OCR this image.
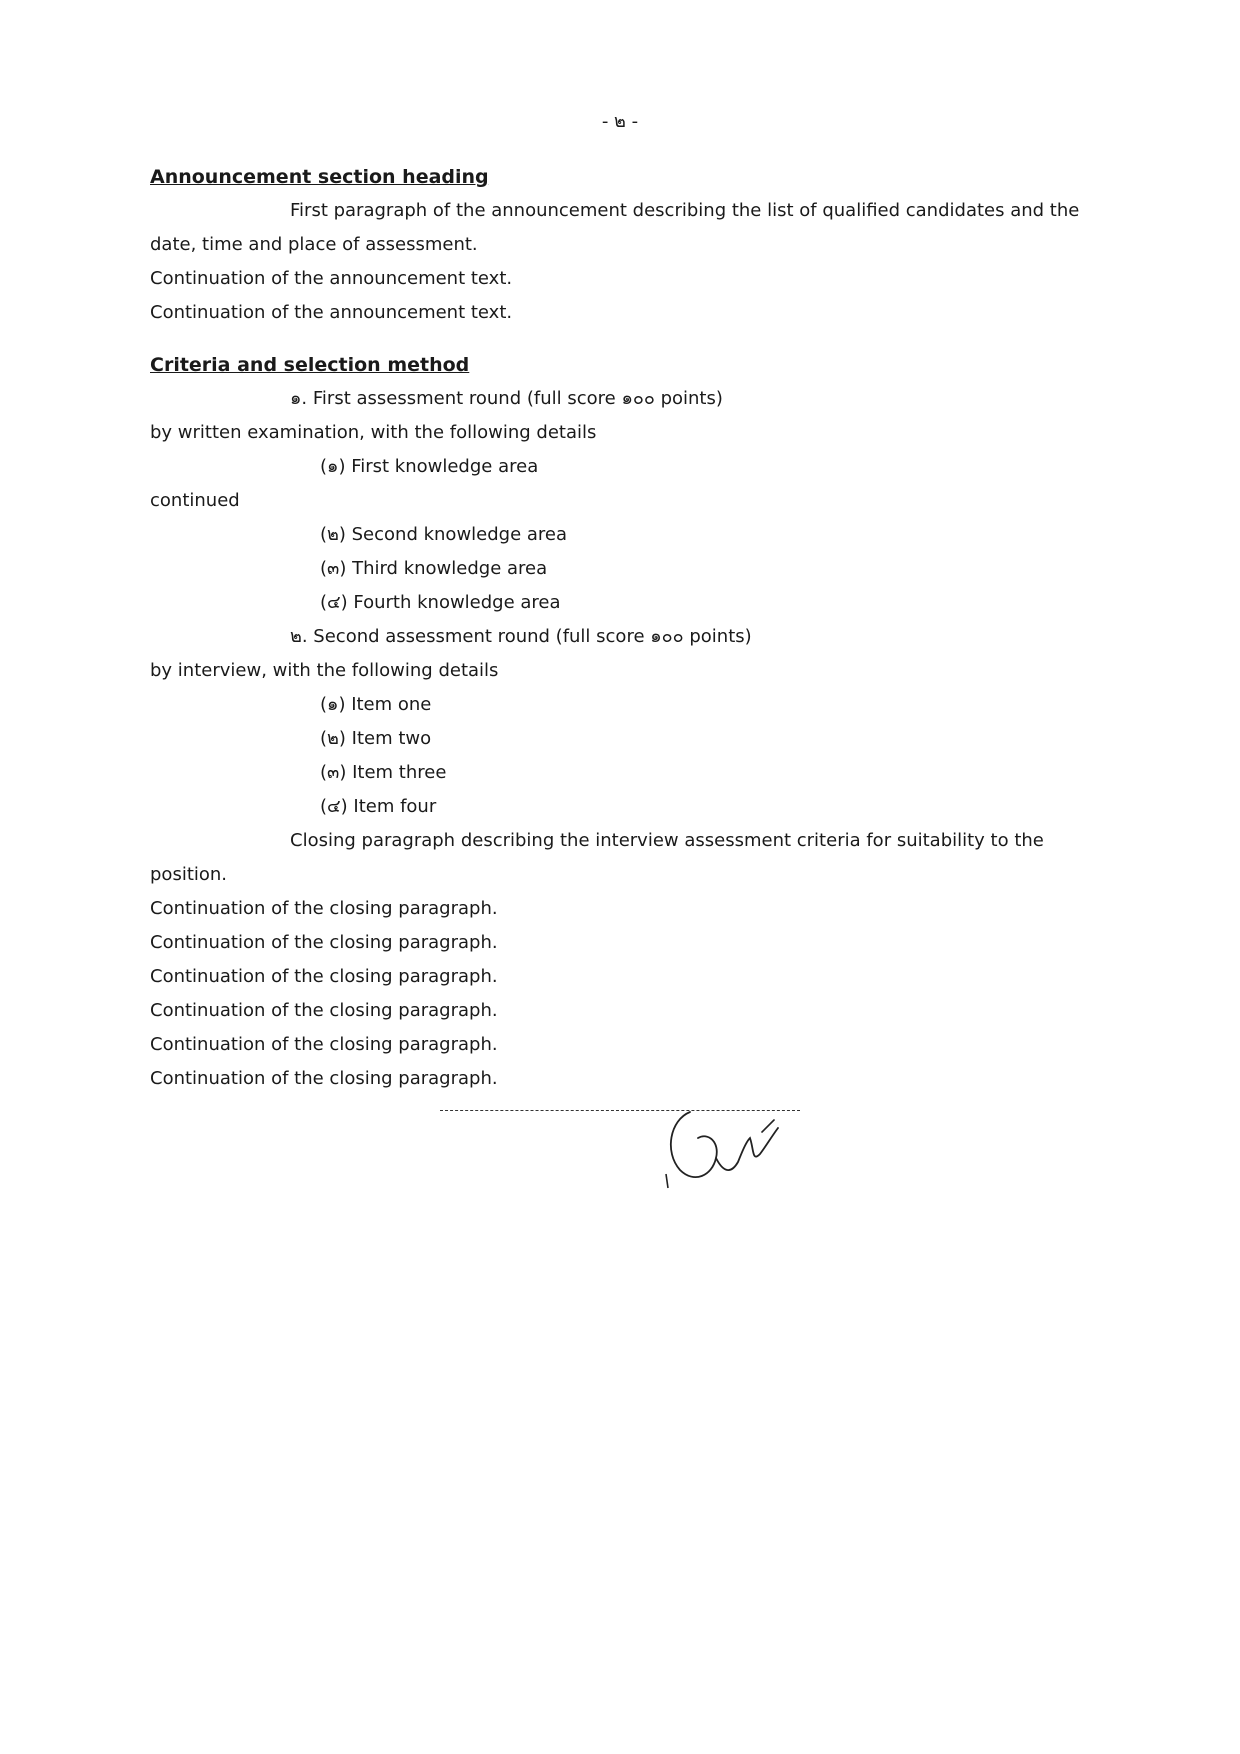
- ๒ -
Announcement section heading

First paragraph of the announcement describing the list of qualified candidates and the date, time and place of assessment.

Continuation of the announcement text.

Continuation of the announcement text.

Criteria and selection method

๑. First assessment round (full score ๑๐๐ points)

by written examination, with the following details

(๑) First knowledge area
continued
(๒) Second knowledge area
(๓) Third knowledge area
(๔) Fourth knowledge area

๒. Second assessment round (full score ๑๐๐ points)

by interview, with the following details

(๑) Item one
(๒) Item two
(๓) Item three
(๔) Item four

Closing paragraph describing the interview assessment criteria for suitability to the position.

Continuation of the closing paragraph.

Continuation of the closing paragraph.

Continuation of the closing paragraph.

Continuation of the closing paragraph.

Continuation of the closing paragraph.

Continuation of the closing paragraph.
